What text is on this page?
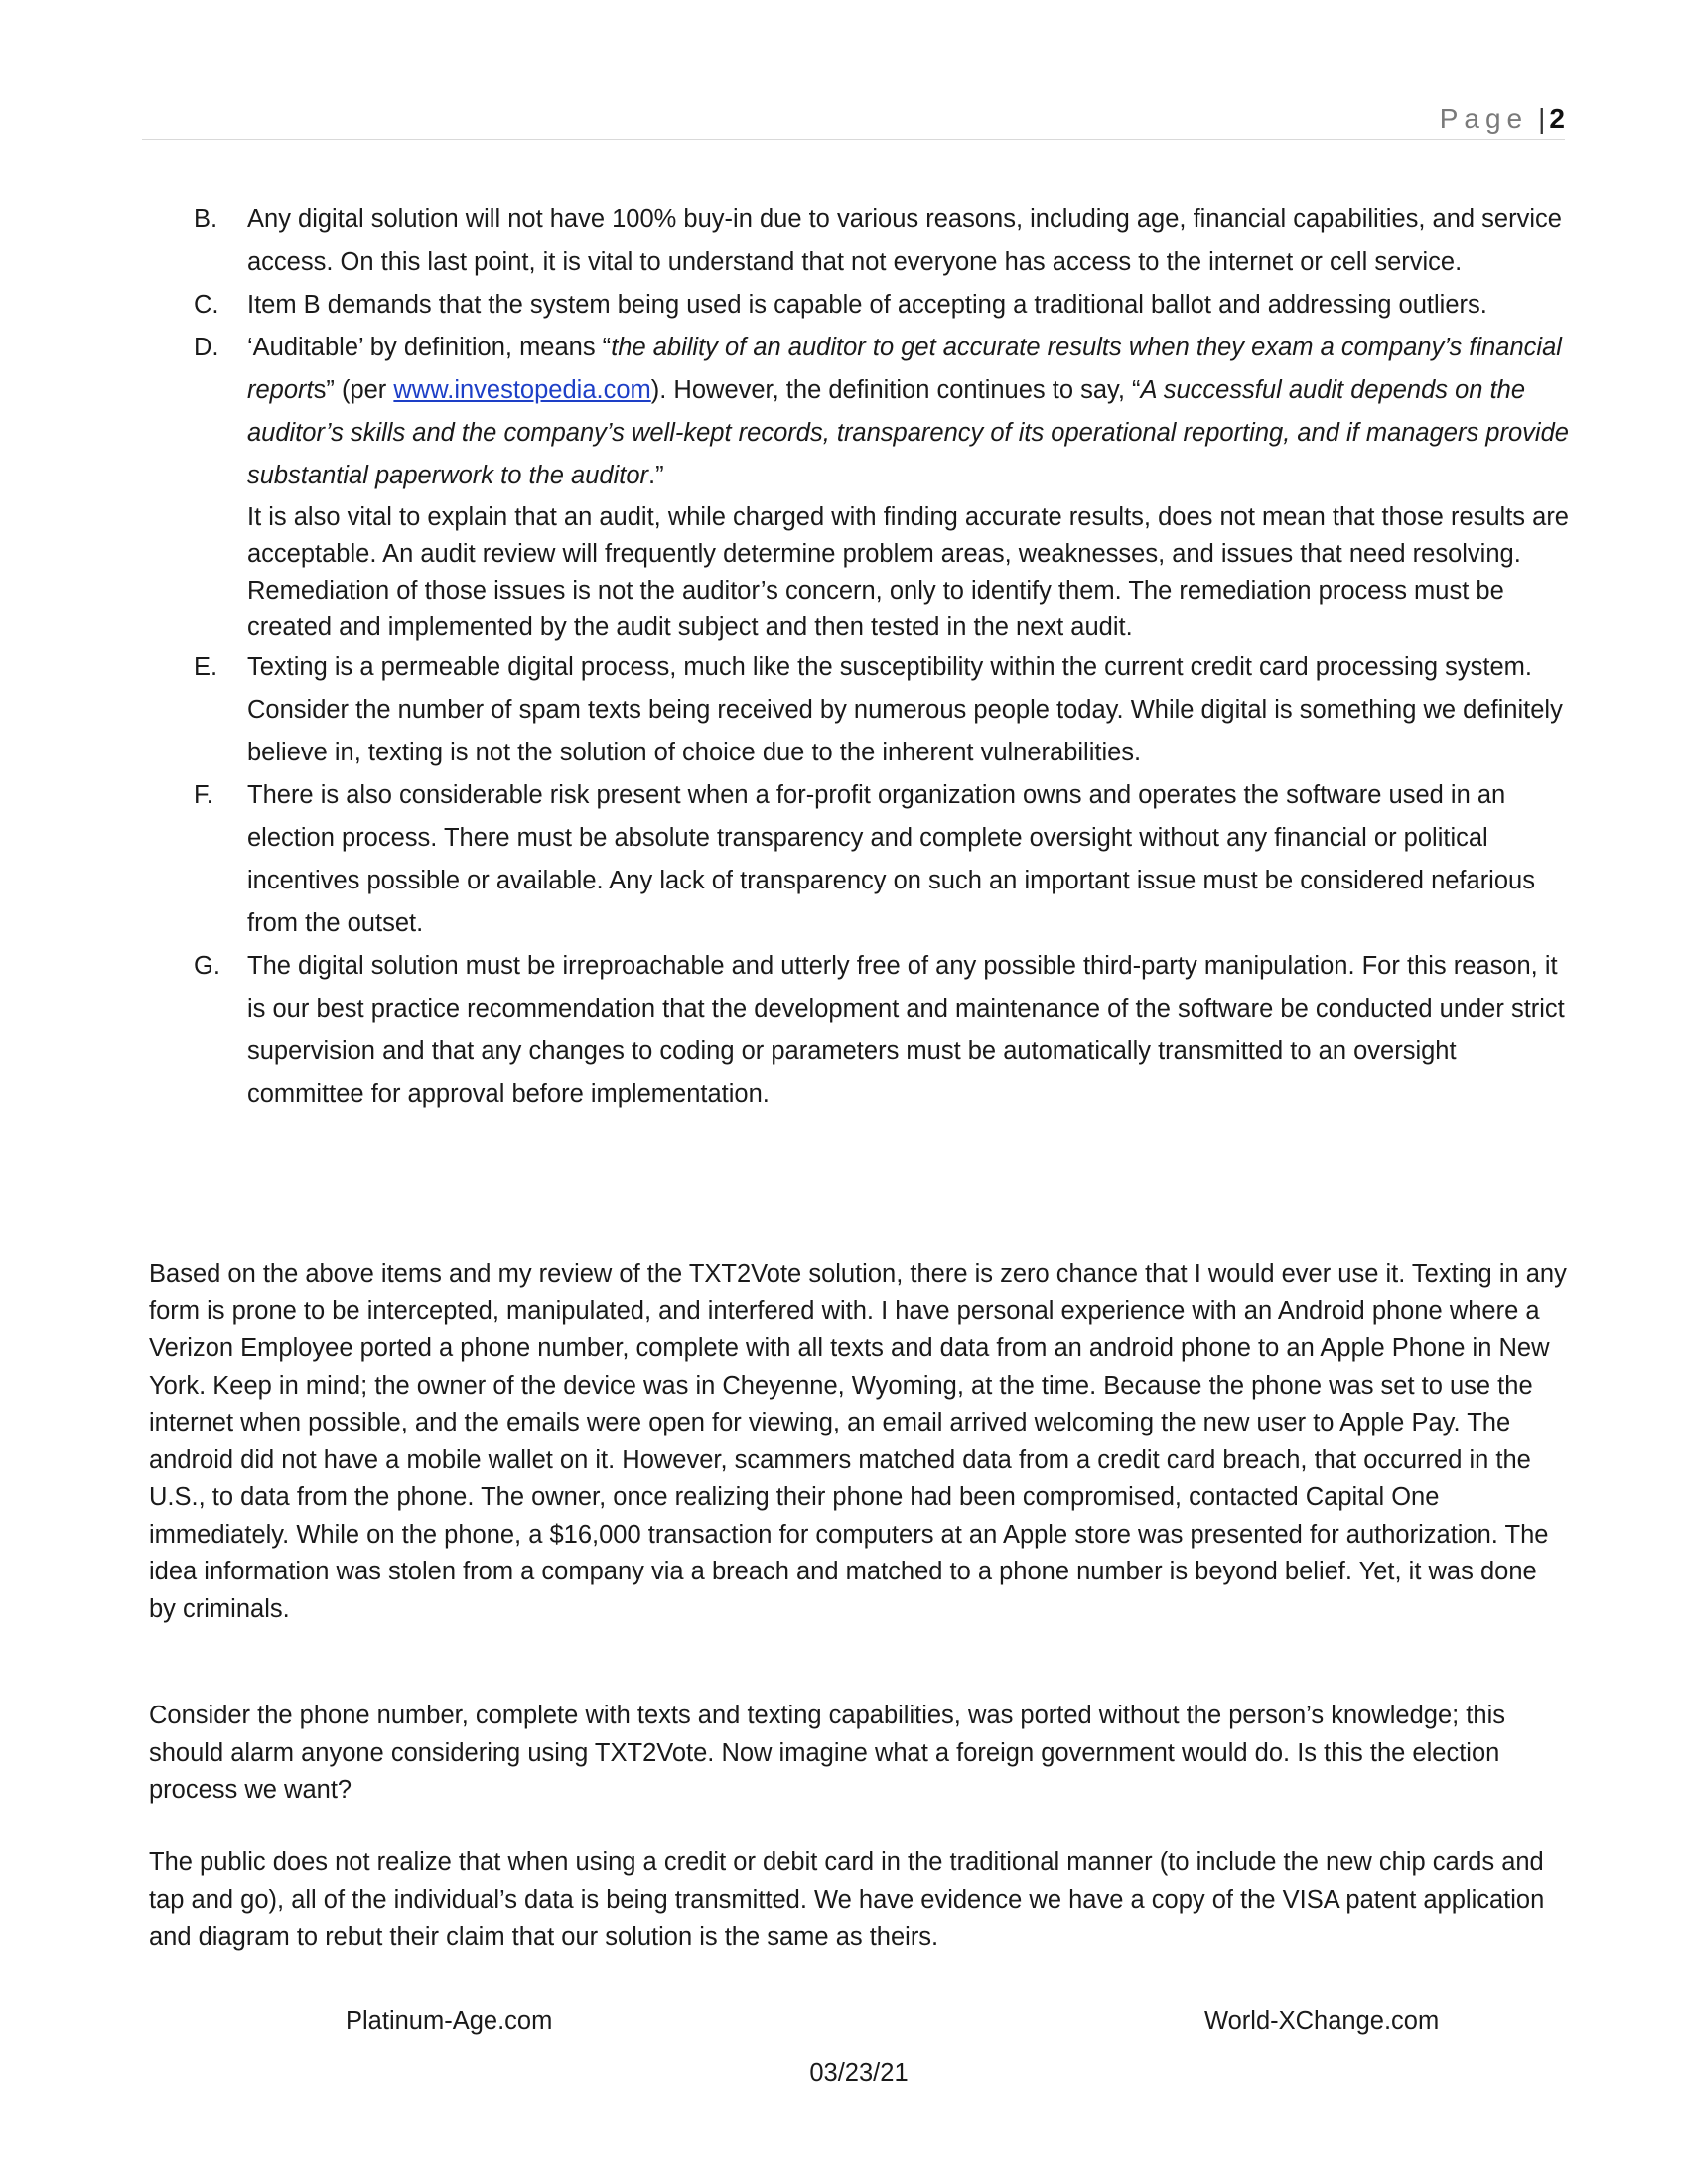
Page | 2
B. Any digital solution will not have 100% buy-in due to various reasons, including age, financial capabilities, and service access. On this last point, it is vital to understand that not everyone has access to the internet or cell service.
C. Item B demands that the system being used is capable of accepting a traditional ballot and addressing outliers.
D. ‘Auditable’ by definition, means “the ability of an auditor to get accurate results when they exam a company’s financial reports” (per www.investopedia.com). However, the definition continues to say, “A successful audit depends on the auditor’s skills and the company’s well-kept records, transparency of its operational reporting, and if managers provide substantial paperwork to the auditor.”
It is also vital to explain that an audit, while charged with finding accurate results, does not mean that those results are acceptable. An audit review will frequently determine problem areas, weaknesses, and issues that need resolving. Remediation of those issues is not the auditor’s concern, only to identify them. The remediation process must be created and implemented by the audit subject and then tested in the next audit.
E. Texting is a permeable digital process, much like the susceptibility within the current credit card processing system. Consider the number of spam texts being received by numerous people today. While digital is something we definitely believe in, texting is not the solution of choice due to the inherent vulnerabilities.
F. There is also considerable risk present when a for-profit organization owns and operates the software used in an election process. There must be absolute transparency and complete oversight without any financial or political incentives possible or available. Any lack of transparency on such an important issue must be considered nefarious from the outset.
G. The digital solution must be irreproachable and utterly free of any possible third-party manipulation. For this reason, it is our best practice recommendation that the development and maintenance of the software be conducted under strict supervision and that any changes to coding or parameters must be automatically transmitted to an oversight committee for approval before implementation.

Based on the above items and my review of the TXT2Vote solution, there is zero chance that I would ever use it. Texting in any form is prone to be intercepted, manipulated, and interfered with. I have personal experience with an Android phone where a Verizon Employee ported a phone number, complete with all texts and data from an android phone to an Apple Phone in New York. Keep in mind; the owner of the device was in Cheyenne, Wyoming, at the time. Because the phone was set to use the internet when possible, and the emails were open for viewing, an email arrived welcoming the new user to Apple Pay. The android did not have a mobile wallet on it. However, scammers matched data from a credit card breach, that occurred in the U.S., to data from the phone. The owner, once realizing their phone had been compromised, contacted Capital One immediately. While on the phone, a $16,000 transaction for computers at an Apple store was presented for authorization. The idea information was stolen from a company via a breach and matched to a phone number is beyond belief. Yet, it was done by criminals.

Consider the phone number, complete with texts and texting capabilities, was ported without the person’s knowledge; this should alarm anyone considering using TXT2Vote. Now imagine what a foreign government would do. Is this the election process we want?

The public does not realize that when using a credit or debit card in the traditional manner (to include the new chip cards and tap and go), all of the individual’s data is being transmitted. We have evidence we have a copy of the VISA patent application and diagram to rebut their claim that our solution is the same as theirs.

Platinum-Age.com	World-XChange.com
03/23/21
